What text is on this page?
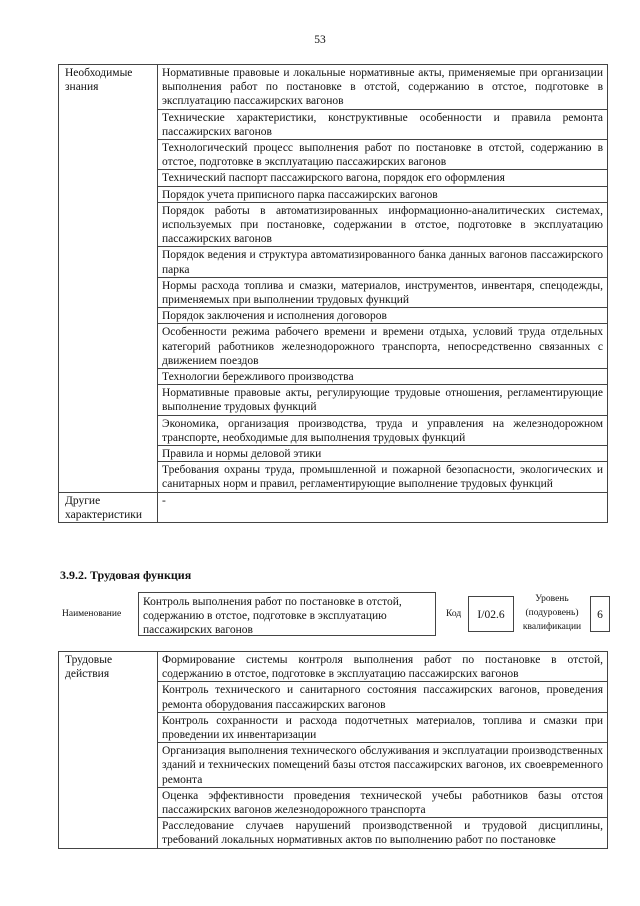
53
Необходимые знания	Нормативные правовые и локальные нормативные акты, применяемые при организации выполнения работ по постановке в отстой, содержанию в отстое, подготовке в эксплуатацию пассажирских вагонов
	Технические характеристики, конструктивные особенности и правила ремонта пассажирских вагонов
	Технологический процесс выполнения работ по постановке в отстой, содержанию в отстое, подготовке в эксплуатацию пассажирских вагонов
	Технический паспорт пассажирского вагона, порядок его оформления
	Порядок учета приписного парка пассажирских вагонов
	Порядок работы в автоматизированных информационно-аналитических системах, используемых при постановке, содержании в отстое, подготовке в эксплуатацию пассажирских вагонов
	Порядок ведения и структура автоматизированного банка данных вагонов пассажирского парка
	Нормы расхода топлива и смазки, материалов, инструментов, инвентаря, спецодежды, применяемых при выполнении трудовых функций
	Порядок заключения и исполнения договоров
	Особенности режима рабочего времени и времени отдыха, условий труда отдельных категорий работников железнодорожного транспорта, непосредственно связанных с движением поездов
	Технологии бережливого производства
	Нормативные правовые акты, регулирующие трудовые отношения, регламентирующие выполнение трудовых функций
	Экономика, организация производства, труда и управления на железнодорожном транспорте, необходимые для выполнения трудовых функций
	Правила и нормы деловой этики
	Требования охраны труда, промышленной и пожарной безопасности, экологических и санитарных норм и правил, регламентирующие выполнение трудовых функций
Другие характеристики	-
3.9.2. Трудовая функция
Наименование
Контроль выполнения работ по постановке в отстой, содержанию в отстое, подготовке в эксплуатацию пассажирских вагонов
Код	I/02.6
Уровень (подуровень) квалификации
6
Трудовые действия	Формирование системы контроля выполнения работ по постановке в отстой, содержанию в отстое, подготовке в эксплуатацию пассажирских вагонов
Контроль технического и санитарного состояния пассажирских вагонов, проведения ремонта оборудования пассажирских вагонов
Контроль сохранности и расхода подотчетных материалов, топлива и смазки при проведении их инвентаризации
Организация выполнения технического обслуживания и эксплуатации производственных зданий и технических помещений базы отстоя пассажирских вагонов, их своевременного ремонта
Оценка эффективности проведения технической учебы работников базы отстоя пассажирских вагонов железнодорожного транспорта
Расследование случаев нарушений производственной и трудовой дисциплины, требований локальных нормативных актов по выполнению работ по постановке
